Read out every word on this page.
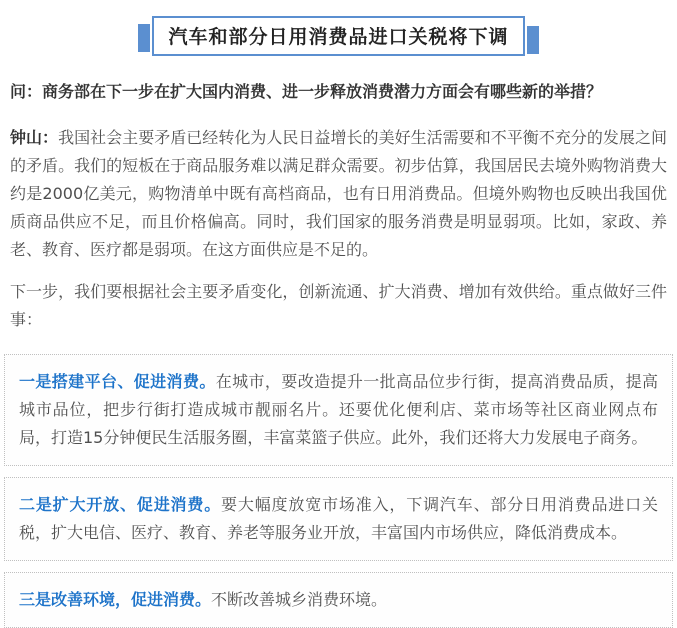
汽车和部分日用消费品进口关税将下调

问：商务部在下一步在扩大国内消费、进一步释放消费潜力方面会有哪些新的举措？

钟山：我国社会主要矛盾已经转化为人民日益增长的美好生活需要和不平衡不充分的发展之间的矛盾。我们的短板在于商品服务难以满足群众需要。初步估算，我国居民去境外购物消费大约是2000亿美元，购物清单中既有高档商品，也有日用消费品。但境外购物也反映出我国优质商品供应不足，而且价格偏高。同时，我们国家的服务消费是明显弱项。比如，家政、养老、教育、医疗都是弱项。在这方面供应是不足的。

下一步，我们要根据社会主要矛盾变化，创新流通、扩大消费、增加有效供给。重点做好三件事：

一是搭建平台、促进消费。在城市，要改造提升一批高品位步行街，提高消费品质，提高城市品位，把步行街打造成城市靓丽名片。还要优化便利店、菜市场等社区商业网点布局，打造15分钟便民生活服务圈，丰富菜篮子供应。此外，我们还将大力发展电子商务。
二是扩大开放、促进消费。要大幅度放宽市场准入，下调汽车、部分日用消费品进口关税，扩大电信、医疗、教育、养老等服务业开放，丰富国内市场供应，降低消费成本。
三是改善环境，促进消费。不断改善城乡消费环境。
